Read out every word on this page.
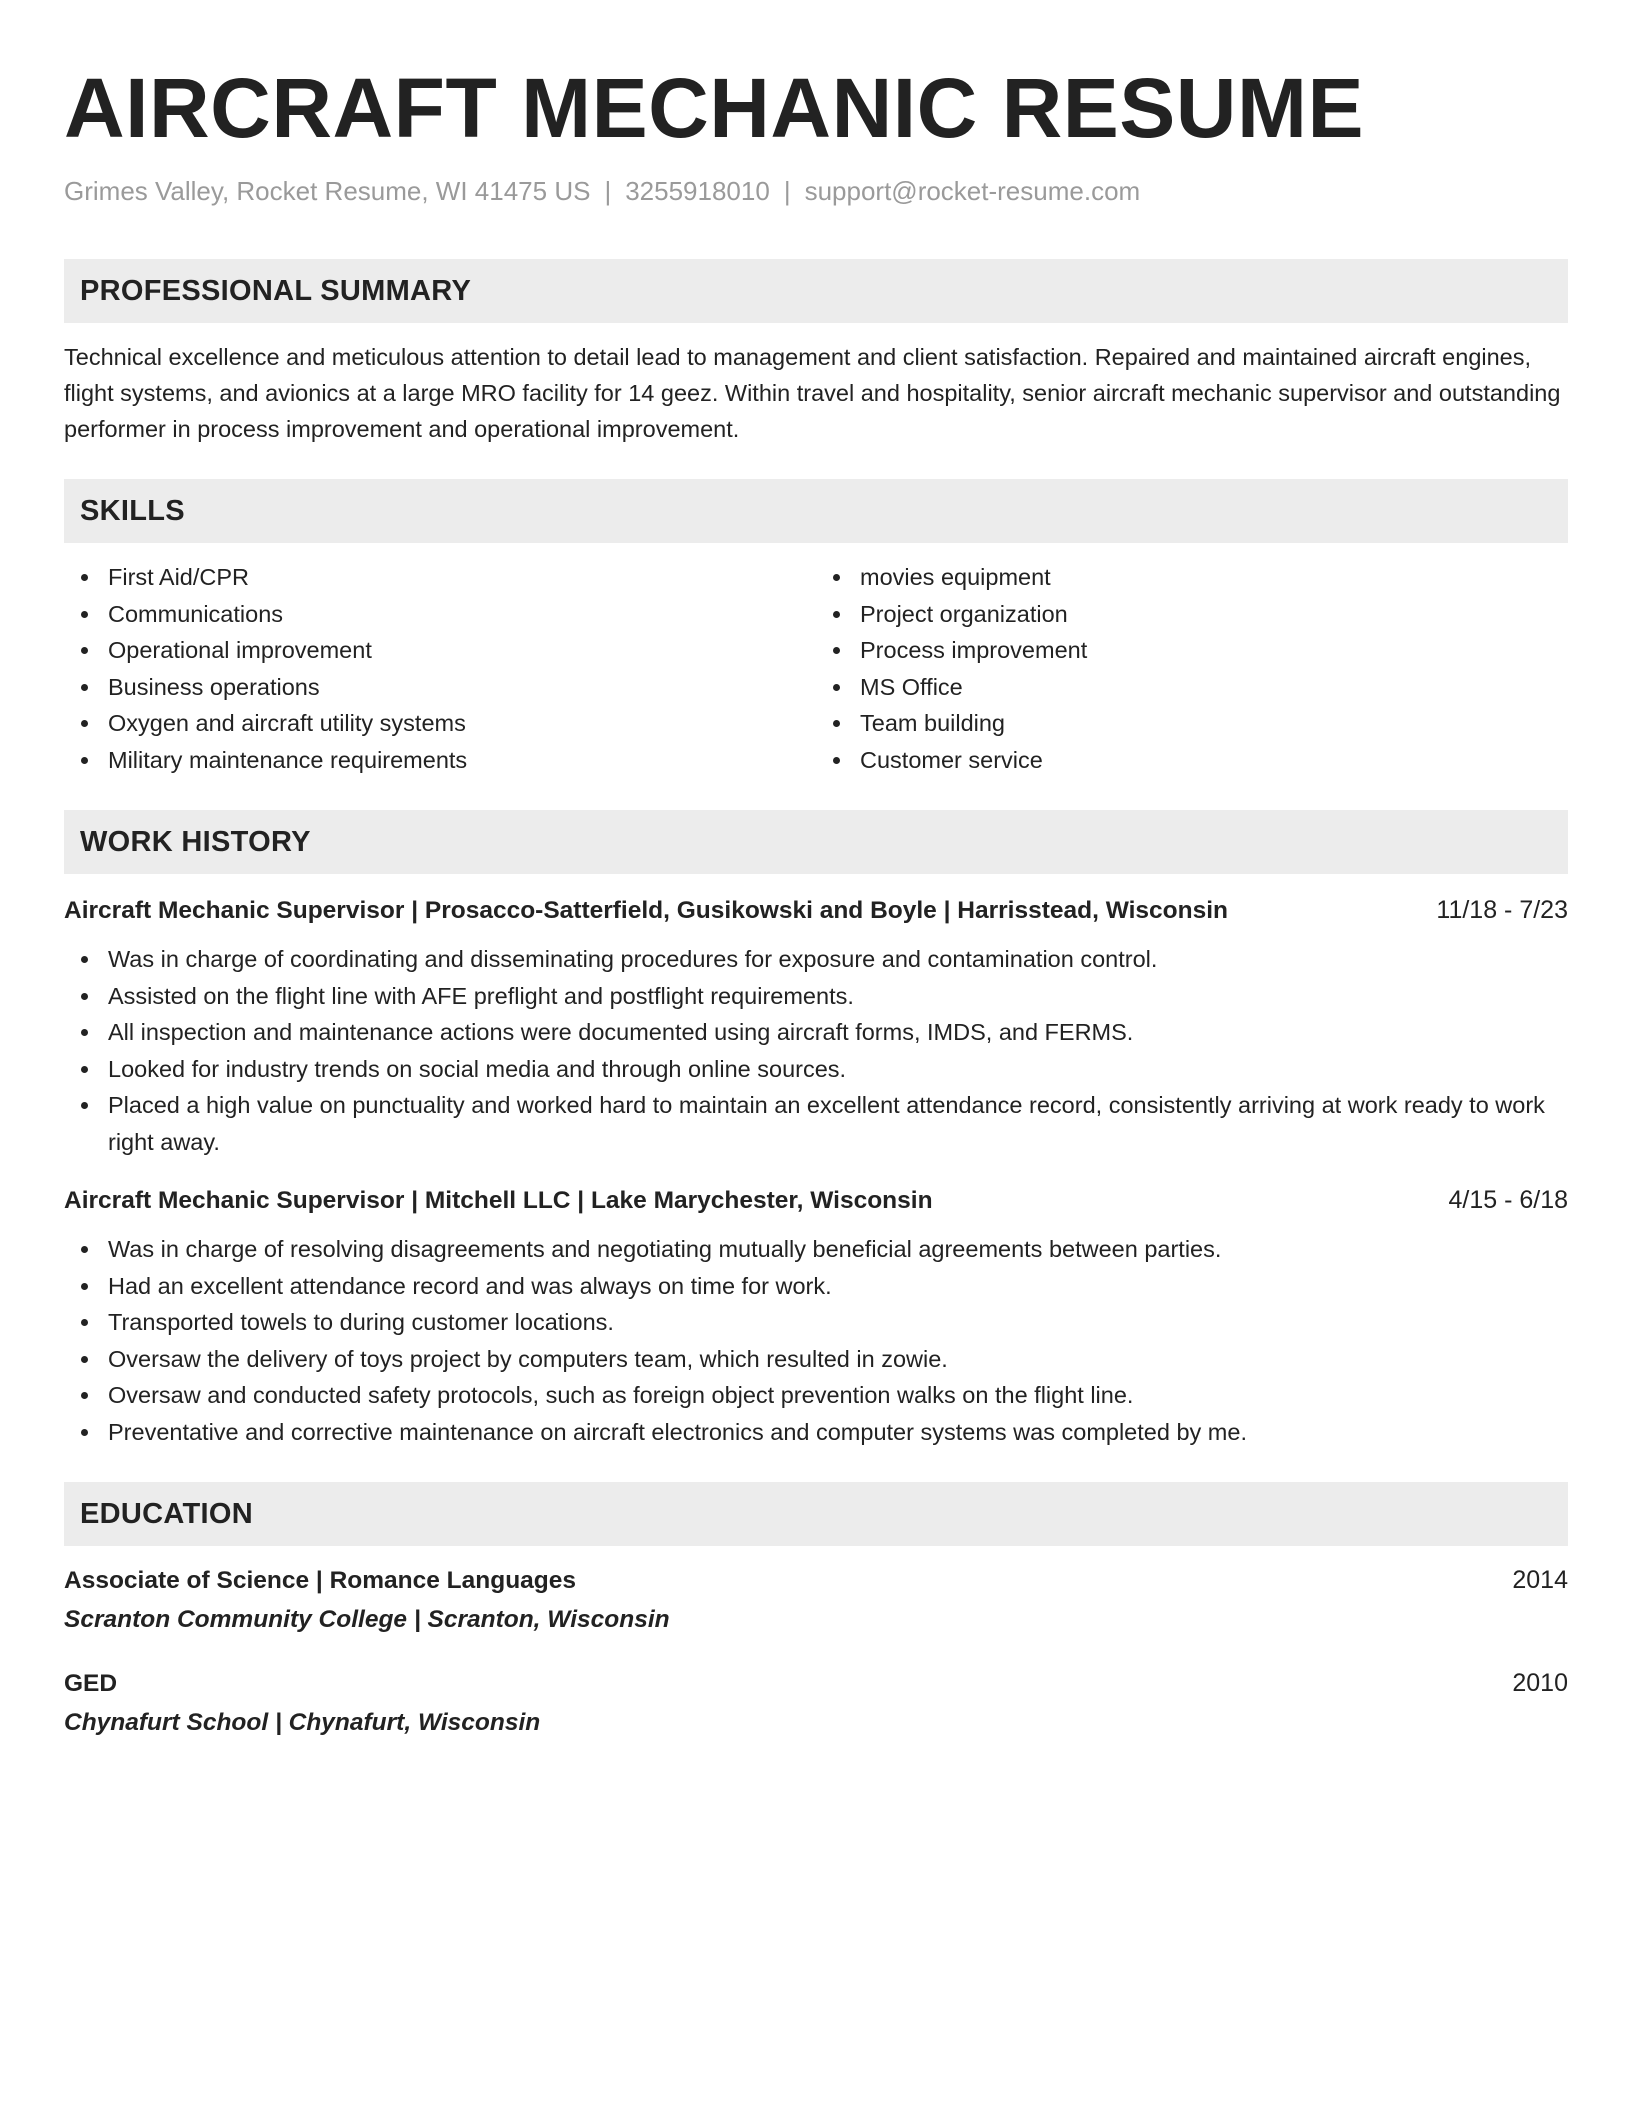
AIRCRAFT MECHANIC RESUME
Grimes Valley, Rocket Resume, WI 41475 US | 3255918010 | support@rocket-resume.com
PROFESSIONAL SUMMARY

Technical excellence and meticulous attention to detail lead to management and client satisfaction. Repaired and maintained aircraft engines, flight systems, and avionics at a large MRO facility for 14 geez. Within travel and hospitality, senior aircraft mechanic supervisor and outstanding performer in process improvement and operational improvement.

SKILLS
First Aid/CPR
Communications
Operational improvement
Business operations
Oxygen and aircraft utility systems
Military maintenance requirements
movies equipment
Project organization
Process improvement
MS Office
Team building
Customer service
WORK HISTORY
Aircraft Mechanic Supervisor | Prosacco-Satterfield, Gusikowski and Boyle | Harrisstead, Wisconsin	11/18 - 7/23
Was in charge of coordinating and disseminating procedures for exposure and contamination control.
Assisted on the flight line with AFE preflight and postflight requirements.
All inspection and maintenance actions were documented using aircraft forms, IMDS, and FERMS.
Looked for industry trends on social media and through online sources.
Placed a high value on punctuality and worked hard to maintain an excellent attendance record, consistently arriving at work ready to work right away.
Aircraft Mechanic Supervisor | Mitchell LLC | Lake Marychester, Wisconsin	4/15 - 6/18
Was in charge of resolving disagreements and negotiating mutually beneficial agreements between parties.
Had an excellent attendance record and was always on time for work.
Transported towels to during customer locations.
Oversaw the delivery of toys project by computers team, which resulted in zowie.
Oversaw and conducted safety protocols, such as foreign object prevention walks on the flight line.
Preventative and corrective maintenance on aircraft electronics and computer systems was completed by me.
EDUCATION
Associate of Science | Romance Languages	2014
Scranton Community College | Scranton, Wisconsin
GED	2010
Chynafurt School | Chynafurt, Wisconsin
